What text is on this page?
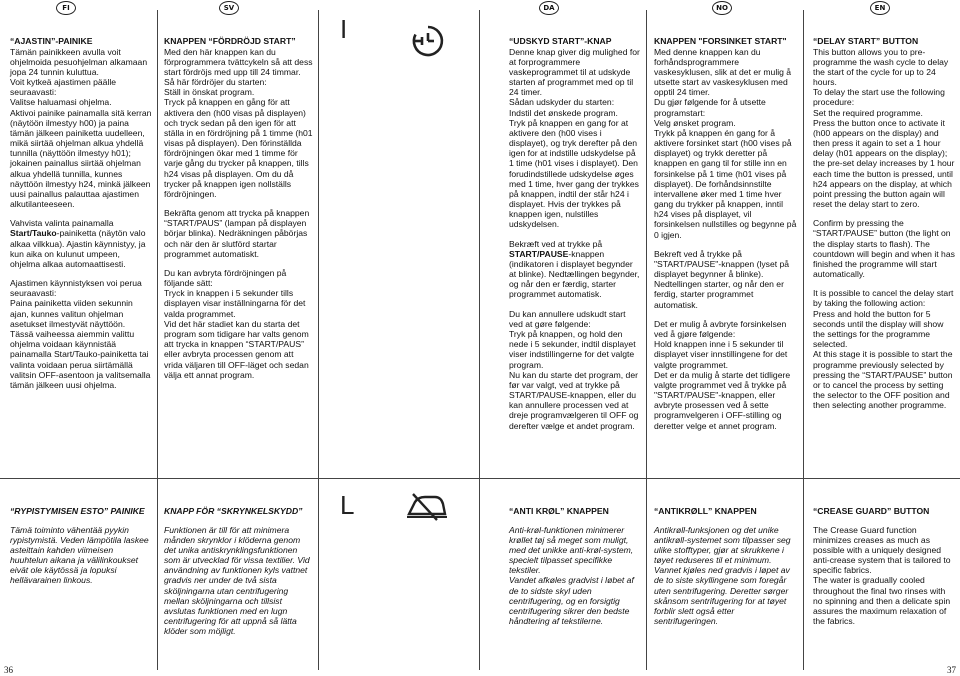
FI	SV	DA	NO	EN
I
L

“AJASTIN”-PAINIKE

Tämän painikkeen avulla voit ohjelmoida pesuohjelman alkamaan jopa 24 tunnin kuluttua.
Voit kytkeä ajastimen päälle seuraavasti:
Valitse haluamasi ohjelma.
Aktivoi painike painamalla sitä kerran (näytöön ilmestyy h00) ja paina tämän jälkeen painiketta uudelleen, mikä siirtää ohjelman alkua yhdellä tunnilla (näyttöön ilmestyy h01); jokainen painallus siirtää ohjelman alkua yhdellä tunnilla, kunnes näyttöön ilmestyy h24, minkä jälkeen uusi painallus palauttaa ajastimen alkutilanteeseen.

Vahvista valinta painamalla Start/Tauko-painiketta (näytön valo alkaa vilkkua). Ajastin käynnistyy, ja kun aika on kulunut umpeen, ohjelma alkaa automaattisesti.

Ajastimen käynnistyksen voi perua seuraavasti:
Paina painiketta viiden sekunnin ajan, kunnes valitun ohjelman asetukset ilmestyvät näyttöön.
Tässä vaiheessa aiemmin valittu ohjelma voidaan käynnistää painamalla Start/Tauko-painiketta tai valinta voidaan perua siirtämällä valitsin OFF-asentoon ja valitsemalla tämän jälkeen uusi ohjelma.

KNAPPEN “FÖRDRÖJD START”

Med den här knappen kan du förprogrammera tvättcykeln så att dess start fördröjs med upp till 24 timmar.
Så här fördröjer du starten:
Ställ in önskat program.
Tryck på knappen en gång för att aktivera den (h00 visas på displayen) och tryck sedan på den igen för att ställa in en fördröjning på 1 timme (h01 visas på displayen). Den förinställda fördröjningen ökar med 1 timme för varje gång du trycker på knappen, tills h24 visas på displayen. Om du då trycker på knappen igen nollställs fördröjningen.

Bekräfta genom att trycka på knappen “START/PAUS” (lampan på displayen börjar blinka). Nedräkningen påbörjas och när den är slutförd startar programmet automatiskt.

Du kan avbryta fördröjningen på följande sätt:
Tryck in knappen i 5 sekunder tills displayen visar inställningarna för det valda programmet.
Vid det här stadiet kan du starta det program som tidigare har valts genom att trycka in knappen “START/PAUS” eller avbryta processen genom att vrida väljaren till OFF-läget och sedan välja ett annat program.

“UDSKYD START”-KNAP

Denne knap giver dig mulighed for at forprogrammere vaskeprogrammet til at udskyde starten af programmet med op til 24 timer.
Sådan udskyder du starten:
Indstil det ønskede program.
Tryk på knappen en gang for at aktivere den (h00 vises i displayet), og tryk derefter på den igen for at indstille udskydelse på 1 time (h01 vises i displayet). Den forudindstillede udskydelse øges med 1 time, hver gang der trykkes på knappen, indtil der står h24 i displayet. Hvis der trykkes på knappen igen, nulstilles udskydelsen.

Bekræft ved at trykke på START/PAUSE-knappen (indikatoren i displayet begynder at blinke). Nedtællingen begynder, og når den er færdig, starter programmet automatisk.

Du kan annullere udskudt start ved at gøre følgende:
Tryk på knappen, og hold den nede i 5 sekunder, indtil displayet viser indstillingerne for det valgte program.
Nu kan du starte det program, der før var valgt, ved at trykke på START/PAUSE-knappen, eller du kan annullere processen ved at dreje programvælgeren til OFF og derefter vælge et andet program.

KNAPPEN "FORSINKET START"

Med denne knappen kan du forhåndsprogrammere vaskesyklusen, slik at det er mulig å utsette start av vaskesyklusen med opptil 24 timer.
Du gjør følgende for å utsette programstart:
Velg ønsket program.
Trykk på knappen én gang for å aktivere forsinket start (h00 vises på displayet) og trykk deretter på knappen en gang til for stille inn en forsinkelse på 1 time (h01 vises på displayet). De forhåndsinnstilte intervallene øker med 1 time hver gang du trykker på knappen, inntil h24 vises på displayet, vil forsinkelsen nullstilles og begynne på 0 igjen.

Bekreft ved å trykke på "START/PAUSE"-knappen (lyset på displayet begynner å blinke). Nedtellingen starter, og når den er ferdig, starter programmet automatisk.

Det er mulig å avbryte forsinkelsen ved å gjøre følgende:
Hold knappen inne i 5 sekunder til displayet viser innstillingene for det valgte programmet.
Det er da mulig å starte det tidligere valgte programmet ved å trykke på "START/PAUSE"-knappen, eller avbryte prosessen ved å sette programvelgeren i OFF-stilling og deretter velge et annet program.

“DELAY START” BUTTON

This button allows you to pre-programme the wash cycle to delay the start of the cycle for up to 24 hours.
To delay the start use the following procedure:
Set the required programme.
Press the button once to activate it (h00 appears on the display) and then press it again to set a 1 hour delay (h01 appears on the display); the pre-set delay increases by 1 hour each time the button is pressed, until h24 appears on the display, at which point pressing the button again will reset the delay start to zero.

Confirm by pressing the “START/PAUSE” button (the light on the display starts to flash). The countdown will begin and when it has finished the programme will start automatically.

It is possible to cancel the delay start by taking the following action:
Press and hold the button for 5 seconds until the display will show the settings for the programme selected.
At this stage it is possible to start the programme previously selected by pressing the “START/PAUSE” button or to cancel the process by setting the selector to the OFF position and then selecting another programme.

“RYPISTYMISEN ESTO” PAINIKE

Tämä toiminto vähentää pyykin rypistymistä. Veden lämpötila laskee asteittain kahden viimeisen huuhtelun aikana ja välilinkoukset eivät ole käytössä ja lopuksi hellävarainen linkous.

KNAPP FÖR “SKRYNKELSKYDD”

Funktionen är till för att minimera månden skrynklor i klöderna genom det unika antiskrynklingsfunktionen som är utvecklad för vissa textilier. Vid användning av funktionen kyls vattnet gradvis ner under de två sista sköljningarna utan centrifugering mellan sköljningarna och tillsist avslutas funktionen med en lugn centrifugering för att uppnå så lätta klöder som möjligt.

“ANTI KRØL” KNAPPEN

Anti-krøl-funktionen minimerer krøllet tøj så meget som muligt, med det unikke anti-krøl-system, specielt tilpasset specifikke tekstiler.
Vandet afkøles gradvist i løbet af de to sidste skyl uden centrifugering, og en forsigtig centrifugering sikrer den bedste håndtering af tekstilerne.

“ANTIKRØLL” KNAPPEN

Antikrøll-funksjonen og det unike antikrøll-systemet som tilpasser seg ulike stofftyper, gjør at skrukkene i tøyet reduseres til et minimum.
Vannet kjøles ned gradvis i løpet av de to siste skyllingene som foregår uten sentrifugering. Deretter sørger skånsom sentrifugering for at tøyet forblir slett også etter sentrifugeringen.

“CREASE GUARD” BUTTON

The Crease Guard function minimizes creases as much as possible with a uniquely designed anti-crease system that is tailored to specific fabrics.
The water is gradually cooled throughout the final two rinses with no spinning and then a delicate spin assures the maximum relaxation of the fabrics.

36	37
